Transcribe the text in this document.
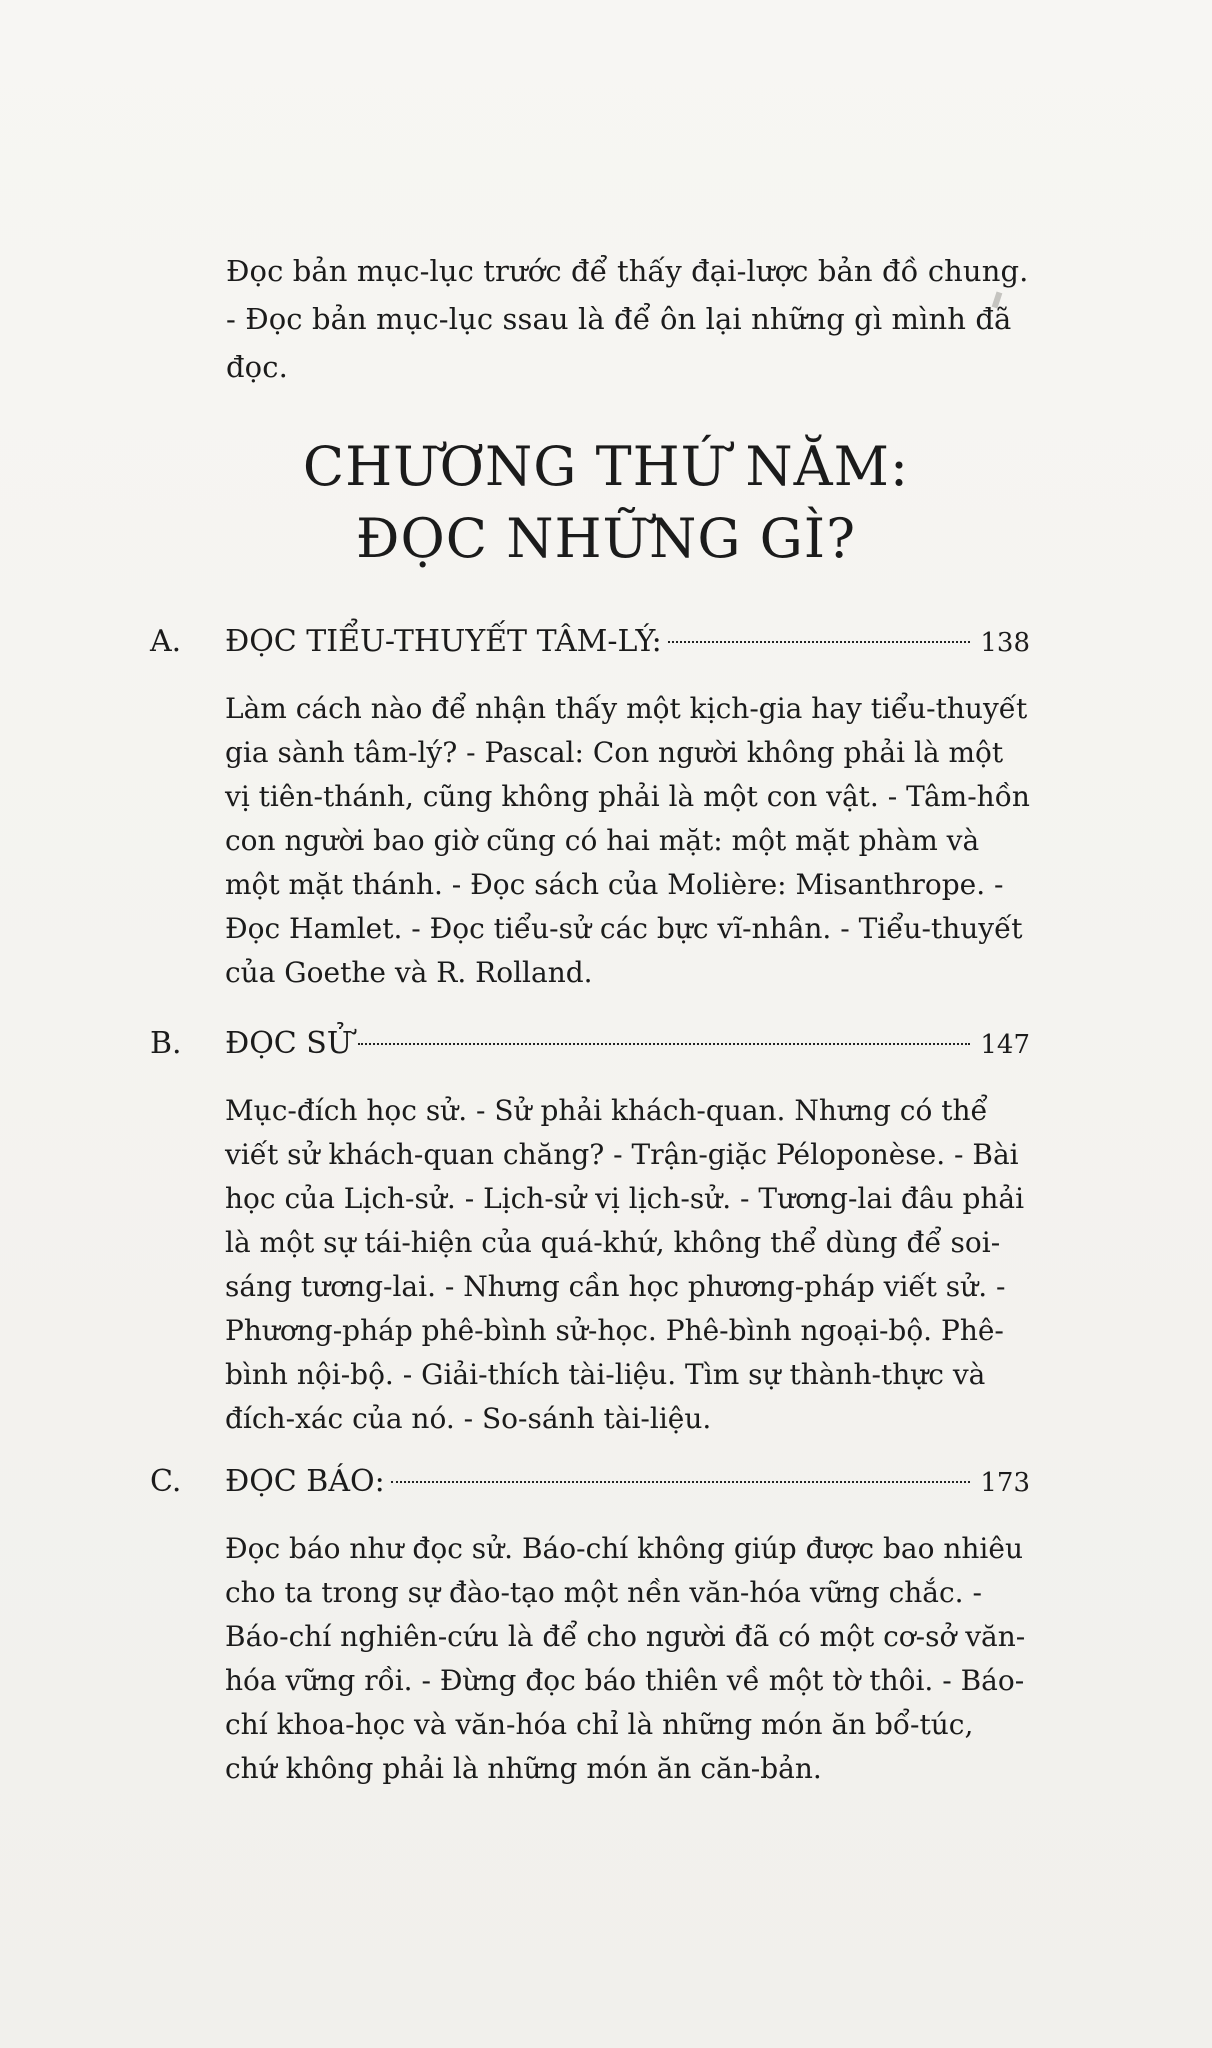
Đọc bản mục-lục trước để thấy đại-lược bản đồ chung. - Đọc bản mục-lục ssau là để ôn lại những gì mình đã đọc.

CHƯƠNG THỨ NĂM:
ĐỌC NHỮNG GÌ?
A.	ĐỌC TIỂU-THUYẾT TÂM-LÝ:	138

Làm cách nào để nhận thấy một kịch-gia hay tiểu-thuyết gia sành tâm-lý? - Pascal: Con người không phải là một vị tiên-thánh, cũng không phải là một con vật. - Tâm-hồn con người bao giờ cũng có hai mặt: một mặt phàm và một mặt thánh. - Đọc sách của Molière: Misanthrope. - Đọc Hamlet. - Đọc tiểu-sử các bực vĩ-nhân. - Tiểu-thuyết của Goethe và R. Rolland.

B.	ĐỌC SỬ	147

Mục-đích học sử. - Sử phải khách-quan. Nhưng có thể viết sử khách-quan chăng? - Trận-giặc Péloponèse. - Bài học của Lịch-sử. - Lịch-sử vị lịch-sử. - Tương-lai đâu phải là một sự tái-hiện của quá-khứ, không thể dùng để soi-sáng tương-lai. - Nhưng cần học phương-pháp viết sử. - Phương-pháp phê-bình sử-học. Phê-bình ngoại-bộ. Phê-bình nội-bộ. - Giải-thích tài-liệu. Tìm sự thành-thực và đích-xác của nó. - So-sánh tài-liệu.

C.	ĐỌC BÁO:	173

Đọc báo như đọc sử. Báo-chí không giúp được bao nhiêu cho ta trong sự đào-tạo một nền văn-hóa vững chắc. - Báo-chí nghiên-cứu là để cho người đã có một cơ-sở văn-hóa vững rồi. - Đừng đọc báo thiên về một tờ thôi. - Báo-chí khoa-học và văn-hóa chỉ là những món ăn bổ-túc, chứ không phải là những món ăn căn-bản.
